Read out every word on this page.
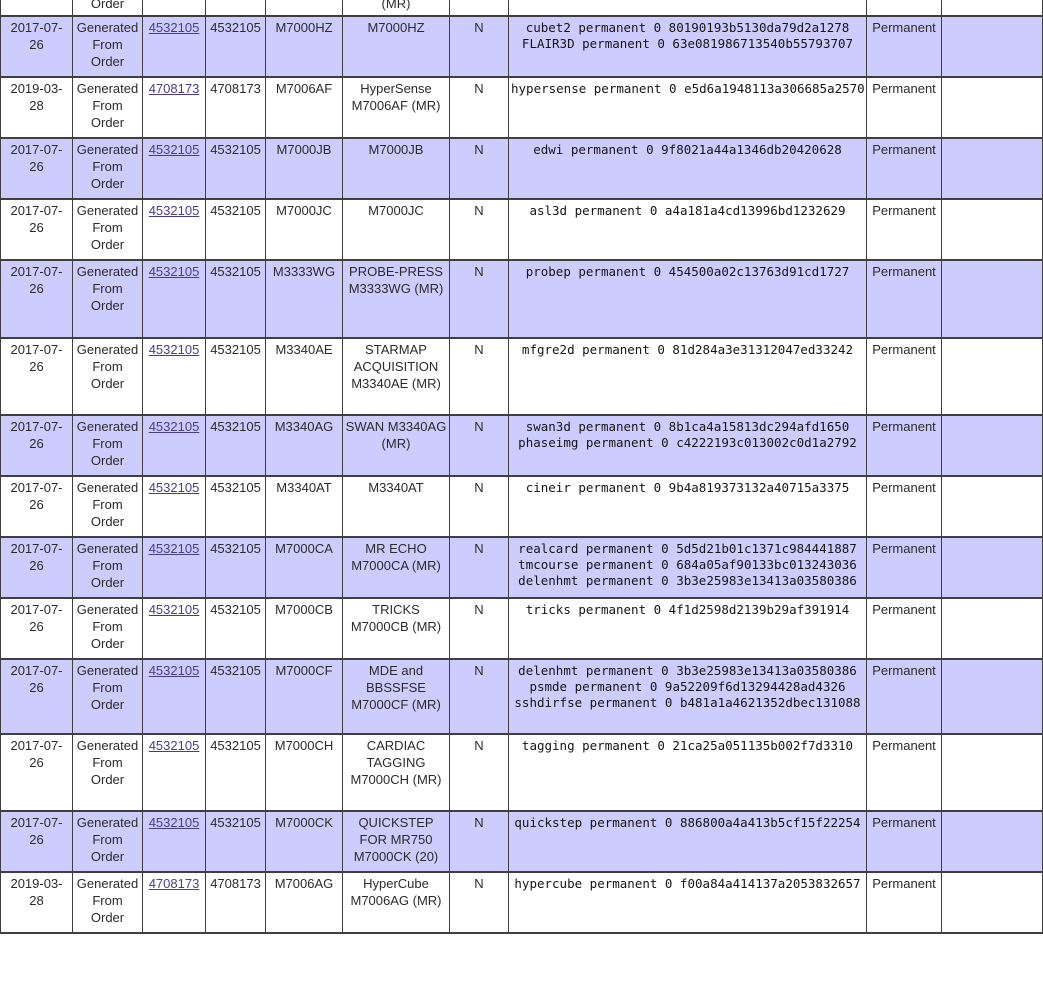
	Order				(MR)				
2017-07-26	Generated From Order	4532105	4532105	M7000HZ	M7000HZ	N	cubet2 permanent 0 80190193b5130da79d2a1278
FLAIR3D permanent 0 63e081986713540b55793707	Permanent	
2019-03-28	Generated From Order	4708173	4708173	M7006AF	HyperSense M7006AF (MR)	N	hypersense permanent 0 e5d6a1948113a306685a2570	Permanent	
2017-07-26	Generated From Order	4532105	4532105	M7000JB	M7000JB	N	edwi permanent 0 9f8021a44a1346db20420628	Permanent	
2017-07-26	Generated From Order	4532105	4532105	M7000JC	M7000JC	N	asl3d permanent 0 a4a181a4cd13996bd1232629	Permanent	
2017-07-26	Generated From Order	4532105	4532105	M3333WG	PROBE-PRESS M3333WG (MR)	N	probep permanent 0 454500a02c13763d91cd1727	Permanent	
2017-07-26	Generated From Order	4532105	4532105	M3340AE	STARMAP ACQUISITION M3340AE (MR)	N	mfgre2d permanent 0 81d284a3e31312047ed33242	Permanent	
2017-07-26	Generated From Order	4532105	4532105	M3340AG	SWAN M3340AG (MR)	N	swan3d permanent 0 8b1ca4a15813dc294afd1650
phaseimg permanent 0 c4222193c013002c0d1a2792	Permanent	
2017-07-26	Generated From Order	4532105	4532105	M3340AT	M3340AT	N	cineir permanent 0 9b4a819373132a40715a3375	Permanent	
2017-07-26	Generated From Order	4532105	4532105	M7000CA	MR ECHO M7000CA (MR)	N	realcard permanent 0 5d5d21b01c1371c984441887
tmcourse permanent 0 684a05af90133bc013243036
delenhmt permanent 0 3b3e25983e13413a03580386	Permanent	
2017-07-26	Generated From Order	4532105	4532105	M7000CB	TRICKS M7000CB (MR)	N	tricks permanent 0 4f1d2598d2139b29af391914	Permanent	
2017-07-26	Generated From Order	4532105	4532105	M7000CF	MDE and BBSSFSE M7000CF (MR)	N	delenhmt permanent 0 3b3e25983e13413a03580386
psmde permanent 0 9a52209f6d13294428ad4326
sshdirfse permanent 0 b481a1a4621352dbec131088	Permanent	
2017-07-26	Generated From Order	4532105	4532105	M7000CH	CARDIAC TAGGING M7000CH (MR)	N	tagging permanent 0 21ca25a051135b002f7d3310	Permanent	
2017-07-26	Generated From Order	4532105	4532105	M7000CK	QUICKSTEP FOR MR750 M7000CK (20)	N	quickstep permanent 0 886800a4a413b5cf15f22254	Permanent	
2019-03-28	Generated From Order	4708173	4708173	M7006AG	HyperCube M7006AG (MR)	N	hypercube permanent 0 f00a84a414137a2053832657	Permanent	
